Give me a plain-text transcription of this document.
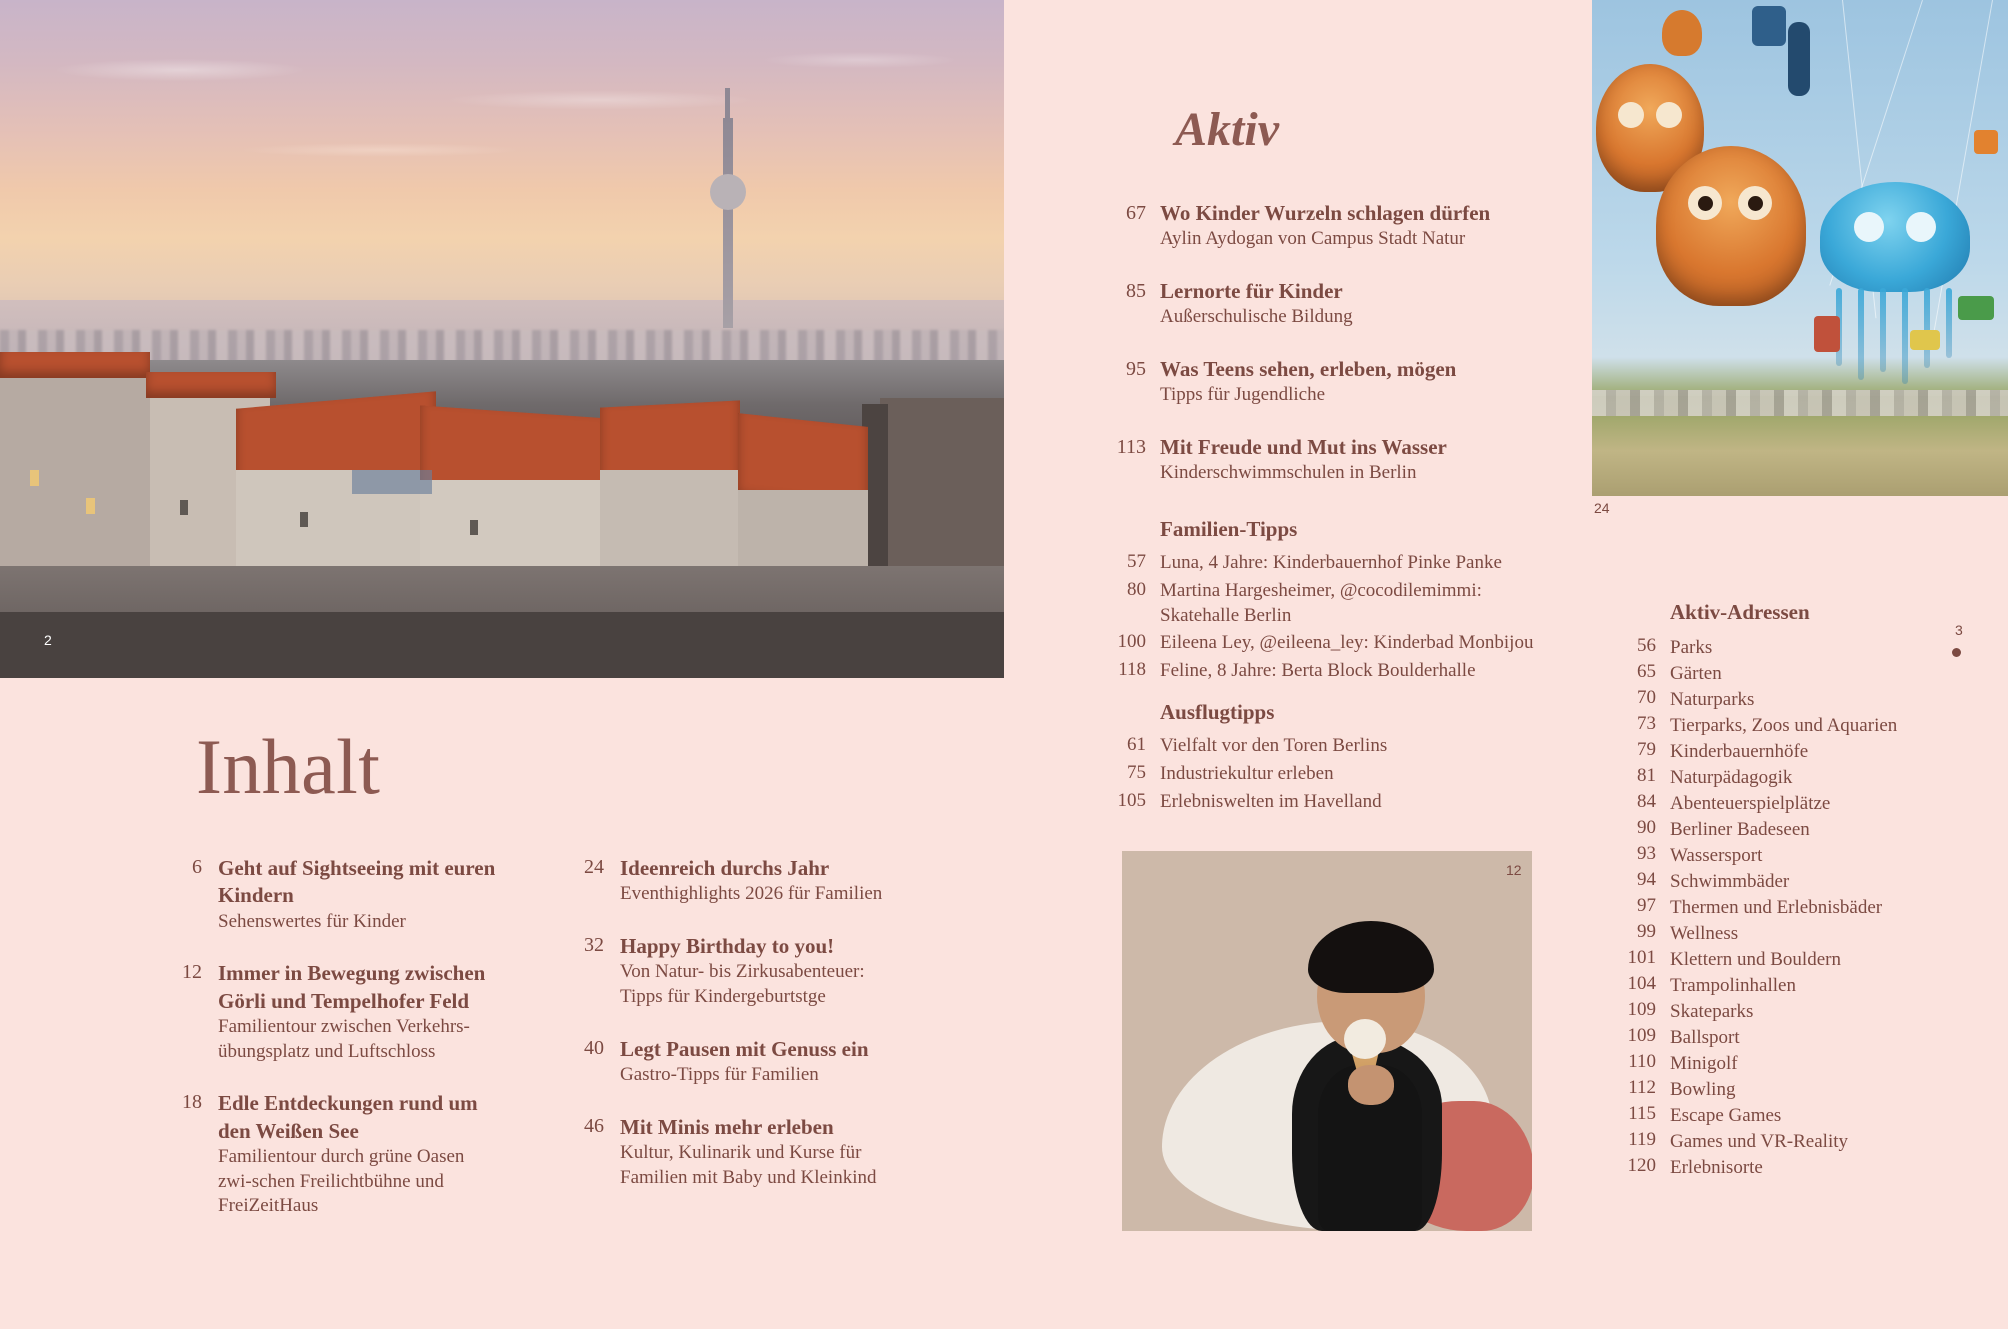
2
Inhalt
6 Geht auf Sightseeing mit euren Kindern
Sehenswertes für Kinder
12 Immer in Bewegung zwischen Görli und Tempelhofer Feld
Familientour zwischen Verkehrs-übungsplatz und Luftschloss
18 Edle Entdeckungen rund um den Weißen See
Familientour durch grüne Oasen zwi-schen Freilichtbühne und FreiZeitHaus
24 Ideenreich durchs Jahr
Eventhighlights 2026 für Familien
32 Happy Birthday to you!
Von Natur- bis Zirkusabenteuer: Tipps für Kindergeburtstge
40 Legt Pausen mit Genuss ein
Gastro-Tipps für Familien
46 Mit Minis mehr erleben
Kultur, Kulinarik und Kurse für Familien mit Baby und Kleinkind
24
Aktiv
67 Wo Kinder Wurzeln schlagen dürfen
Aylin Aydogan von Campus Stadt Natur
85 Lernorte für Kinder
Außerschulische Bildung
95 Was Teens sehen, erleben, mögen
Tipps für Jugendliche
113 Mit Freude und Mut ins Wasser
Kinderschwimmschulen in Berlin
Familien-Tipps
57 Luna, 4 Jahre: Kinderbauernhof Pinke Panke
80 Martina Hargesheimer, @cocodilemimmi: Skatehalle Berlin
100 Eileena Ley, @eileena_ley: Kinderbad Monbijou
118 Feline, 8 Jahre: Berta Block Boulderhalle
Ausflugtipps
61 Vielfalt vor den Toren Berlins
75 Industriekultur erleben
105 Erlebniswelten im Havelland
12
Aktiv-Adressen
56 Parks
65 Gärten
70 Naturparks
73 Tierparks, Zoos und Aquarien
79 Kinderbauernhöfe
81 Naturpädagogik
84 Abenteuerspielplätze
90 Berliner Badeseen
93 Wassersport
94 Schwimmbäder
97 Thermen und Erlebnisbäder
99 Wellness
101 Klettern und Bouldern
104 Trampolinhallen
109 Skateparks
109 Ballsport
110 Minigolf
112 Bowling
115 Escape Games
119 Games und VR-Reality
120 Erlebnisorte
3
